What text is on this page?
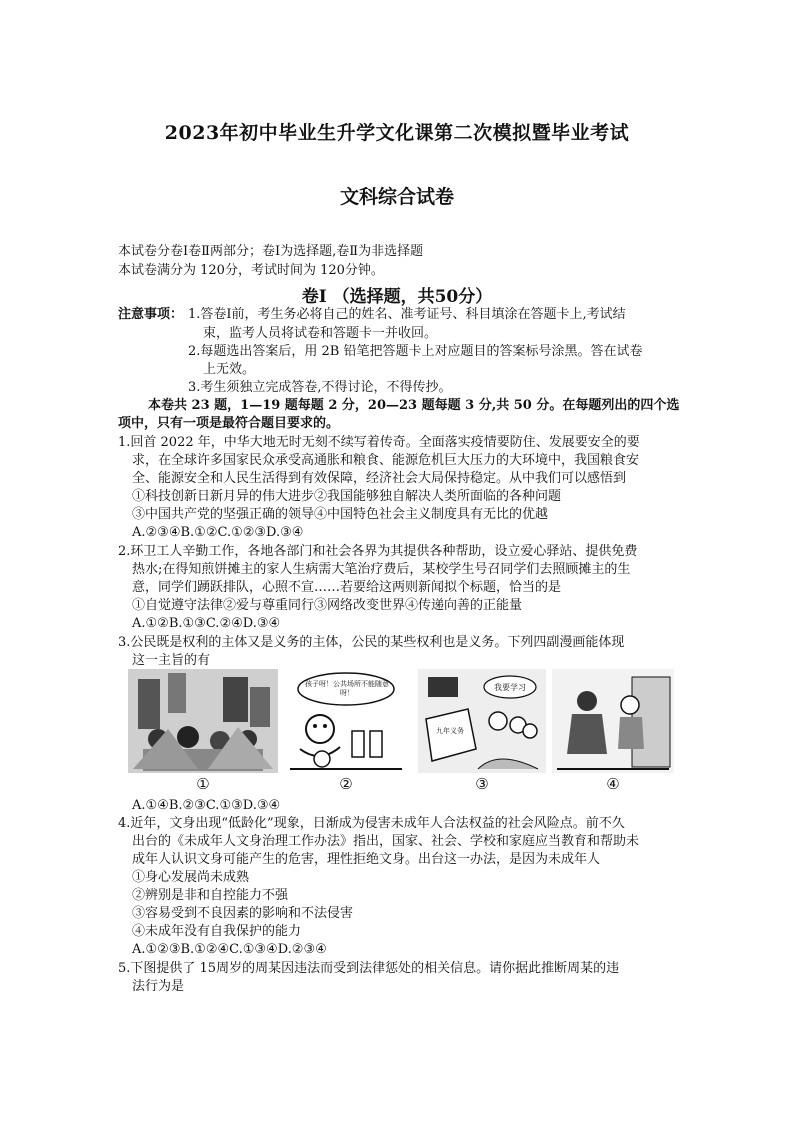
2023年初中毕业生升学文化课第二次模拟暨毕业考试
文科综合试卷
本试卷分卷Ⅰ卷Ⅱ两部分；卷Ⅰ为选择题,卷Ⅱ为非选择题
本试卷满分为 120分，考试时间为 120分钟。
卷Ⅰ （选择题，共50分）
注意事项： 1.答卷Ⅰ前，考生务必将自己的姓名、准考证号、科目填涂在答题卡上,考试结
束，监考人员将试卷和答题卡一并收回。
2.每题选出答案后，用 2B 铅笔把答题卡上对应题目的答案标号涂黑。答在试卷
上无效。
3.考生须独立完成答卷,不得讨论，不得传抄。
本卷共 23 题，1—19 题每题 2 分，20—23 题每题 3 分,共 50 分。在每题列出的四个选
项中，只有一项是最符合题目要求的。
1.回首 2022 年，中华大地无时无刻不续写着传奇。全面落实疫情要防住、发展要安全的要
求，在全球许多国家民众承受高通胀和粮食、能源危机巨大压力的大环境中，我国粮食安
全、能源安全和人民生活得到有效保障，经济社会大局保持稳定。从中我们可以感悟到
①科技创新日新月异的伟大进步②我国能够独自解决人类所面临的各种问题
③中国共产党的坚强正确的领导④中国特色社会主义制度具有无比的优越
A.②③④B.①②C.①②③D.③④
2.环卫工人辛勤工作，各地各部门和社会各界为其提供各种帮助，设立爱心驿站、提供免费
热水;在得知煎饼摊主的家人生病需大笔治疗费后，某校学生号召同学们去照顾摊主的生
意，同学们踴跃排队，心照不宣……若要给这两则新闻拟个标题，恰当的是
①自觉遵守法律②爱与尊重同行③网络改变世界④传递向善的正能量
A.①②B.①③C.②④D.③④
3.公民既是权利的主体又是义务的主体，公民的某些权利也是义务。下列四副漫画能体现
这一主旨的有
①
孩子呀！公共场所不能随意呀！
②
我要学习
九年义务
③	④
A.①④B.②③C.①③D.③④
4.近年，文身出现“低龄化”现象，日渐成为侵害未成年人合法权益的社会风险点。前不久
出台的《未成年人文身治理工作办法》指出，国家、社会、学校和家庭应当教育和帮助未
成年人认识文身可能产生的危害，理性拒绝文身。出台这一办法，是因为未成年人
①身心发展尚未成熟
②辨别是非和自控能力不强
③容易受到不良因素的影响和不法侵害
④未成年没有自我保护的能力
A.①②③B.①②④C.①③④D.②③④
5.下图提供了 15周岁的周某因违法而受到法律惩处的相关信息。请你据此推断周某的违
法行为是
